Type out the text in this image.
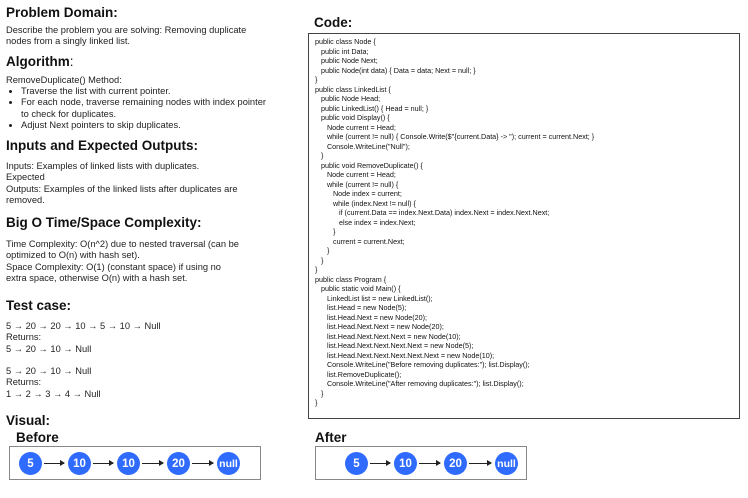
Problem Domain:
Describe the problem you are solving: Removing duplicate
nodes from a singly linked list.
Algorithm:
RemoveDuplicate() Method:
• Traverse the list with current pointer.
• For each node, traverse remaining nodes with index pointer
to check for duplicates.
• Adjust Next pointers to skip duplicates.
Inputs and Expected Outputs:
Inputs: Examples of linked lists with duplicates.
Expected
Outputs: Examples of the linked lists after duplicates are
removed.
Big O Time/Space Complexity:
Time Complexity: O(n^2) due to nested traversal (can be
optimized to O(n) with hash set).
Space Complexity: O(1) (constant space) if using no
extra space, otherwise O(n) with a hash set.
Test case:
5 → 20 → 20 → 10 → 5 → 10 → Null
Returns:
5 → 20 → 10 → Null
5 → 20 → 10 → Null
Returns:
1 → 2 → 3 → 4 → Null
Visual:
Before
5	10	10	20	null
Code:
public class Node {
public int Data;
public Node Next;
public Node(int data) { Data = data; Next = null; }
}
public class LinkedList {
public Node Head;
public LinkedList() { Head = null; }
public void Display() {
Node current = Head;
while (current != null) { Console.Write($"{current.Data} -> "); current = current.Next; }
Console.WriteLine("Null");
}
public void RemoveDuplicate() {
Node current = Head;
while (current != null) {
Node index = current;
while (index.Next != null) {
if (current.Data == index.Next.Data) index.Next = index.Next.Next;
else index = index.Next;
}
current = current.Next;
}
}
}
public class Program {
public static void Main() {
LinkedList list = new LinkedList();
list.Head = new Node(5);
list.Head.Next = new Node(20);
list.Head.Next.Next = new Node(20);
list.Head.Next.Next.Next = new Node(10);
list.Head.Next.Next.Next.Next = new Node(5);
list.Head.Next.Next.Next.Next.Next = new Node(10);
Console.WriteLine("Before removing duplicates:"); list.Display();
list.RemoveDuplicate();
Console.WriteLine("After removing duplicates:"); list.Display();
}
}
After
5	10	20	null
